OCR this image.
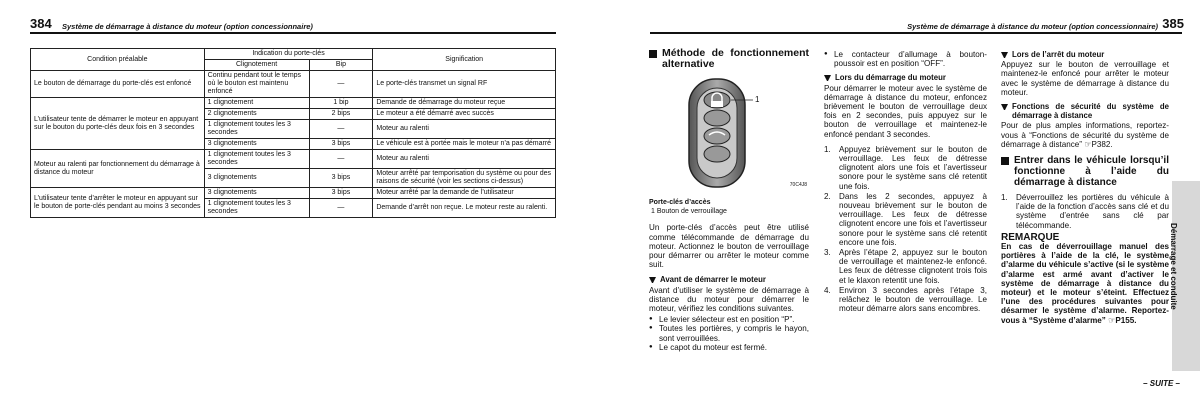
384 Système de démarrage à distance du moteur (option concessionnaire)
Condition préalable	Indication du porte-clés		Signification
	Clignotement	Bip	
Le bouton de démarrage du porte-clés est enfoncé	Continu pendant tout le temps où le bouton est maintenu enfoncé	—	Le porte-clés transmet un signal RF
L’utilisateur tente de démarrer le moteur en appuyant sur le bouton du porte-clés deux fois en 3 secondes	1 clignotement	1 bip	Demande de démarrage du moteur reçue
	2 clignotements	2 bips	Le moteur a été démarré avec succès
	1 clignotement toutes les 3 secondes	—	Moteur au ralenti
	3 clignotements	3 bips	Le véhicule est à portée mais le moteur n’a pas démarré
Moteur au ralenti par fonctionnement du démarrage à distance du moteur	1 clignotement toutes les 3 secondes	—	Moteur au ralenti
	3 clignotements	3 bips	Moteur arrêté par temporisation du système ou pour des raisons de sécurité (voir les sections ci-dessus)
L’utilisateur tente d’arrêter le moteur en appuyant sur le bouton de porte-clés pendant au moins 3 secondes	3 clignotements	3 bips	Moteur arrêté par la demande de l’utilisateur
	1 clignotement toutes les 3 secondes	—	Demande d’arrêt non reçue. Le moteur reste au ralenti.
Système de démarrage à distance du moteur (option concessionnaire) 385
Méthode de fonctionnement alternative
1
70C4J8
Porte-clés d’accès
1 Bouton de verrouillage

Un porte-clés d’accès peut être utilisé comme télécommande de démarrage du moteur. Actionnez le bouton de verrouillage pour démarrer ou arrêter le moteur comme suit.

Avant de démarrer le moteur

Avant d’utiliser le système de démarrage à distance du moteur pour démarrer le moteur, vérifiez les conditions suivantes.

● Le levier sélecteur est en position “P”.
● Toutes les portières, y compris le hayon, sont verrouillées.
● Le capot du moteur est fermé.
● Le contacteur d’allumage à bouton-poussoir est en position “OFF”.
Lors du démarrage du moteur

Pour démarrer le moteur avec le système de démarrage à distance du moteur, enfoncez brièvement le bouton de verrouillage deux fois en 2 secondes, puis appuyez sur le bouton de verrouillage et maintenez-le enfoncé pendant 3 secondes.

1.	Appuyez brièvement sur le bouton de verrouillage. Les feux de détresse clignotent alors une fois et l’avertisseur sonore pour le système sans clé retentit une fois.
2.	Dans les 2 secondes, appuyez à nouveau brièvement sur le bouton de verrouillage. Les feux de détresse clignotent encore une fois et l’avertisseur sonore pour le système sans clé retentit encore une fois.
3.	Après l’étape 2, appuyez sur le bouton de verrouillage et maintenez-le enfoncé. Les feux de détresse clignotent trois fois et le klaxon retentit une fois.
4.	Environ 3 secondes après l’étape 3, relâchez le bouton de verrouillage. Le moteur démarre alors sans encombres.
Lors de l’arrêt du moteur

Appuyez sur le bouton de verrouillage et maintenez-le enfoncé pour arrêter le moteur avec le système de démarrage à distance du moteur.

Fonctions de sécurité du système de démarrage à distance

Pour de plus amples informations, reportez-vous à “Fonctions de sécurité du système de démarrage à distance” ☞P382.

Entrer dans le véhicule lorsqu’il fonctionne à l’aide du démarrage à distance
1.	Déverrouillez les portières du véhicule à l’aide de la fonction d’accès sans clé et du système d’entrée sans clé par télécommande.
REMARQUE

En cas de déverrouillage manuel des portières à l’aide de la clé, le système d’alarme du véhicule s’active (si le système d’alarme est armé avant d’activer le système de démarrage à distance du moteur) et le moteur s’éteint. Effectuez l’une des procédures suivantes pour désarmer le système d’alarme. Reportez-vous à “Système d’alarme” ☞P155.

– SUITE –
Démarrage et conduite
